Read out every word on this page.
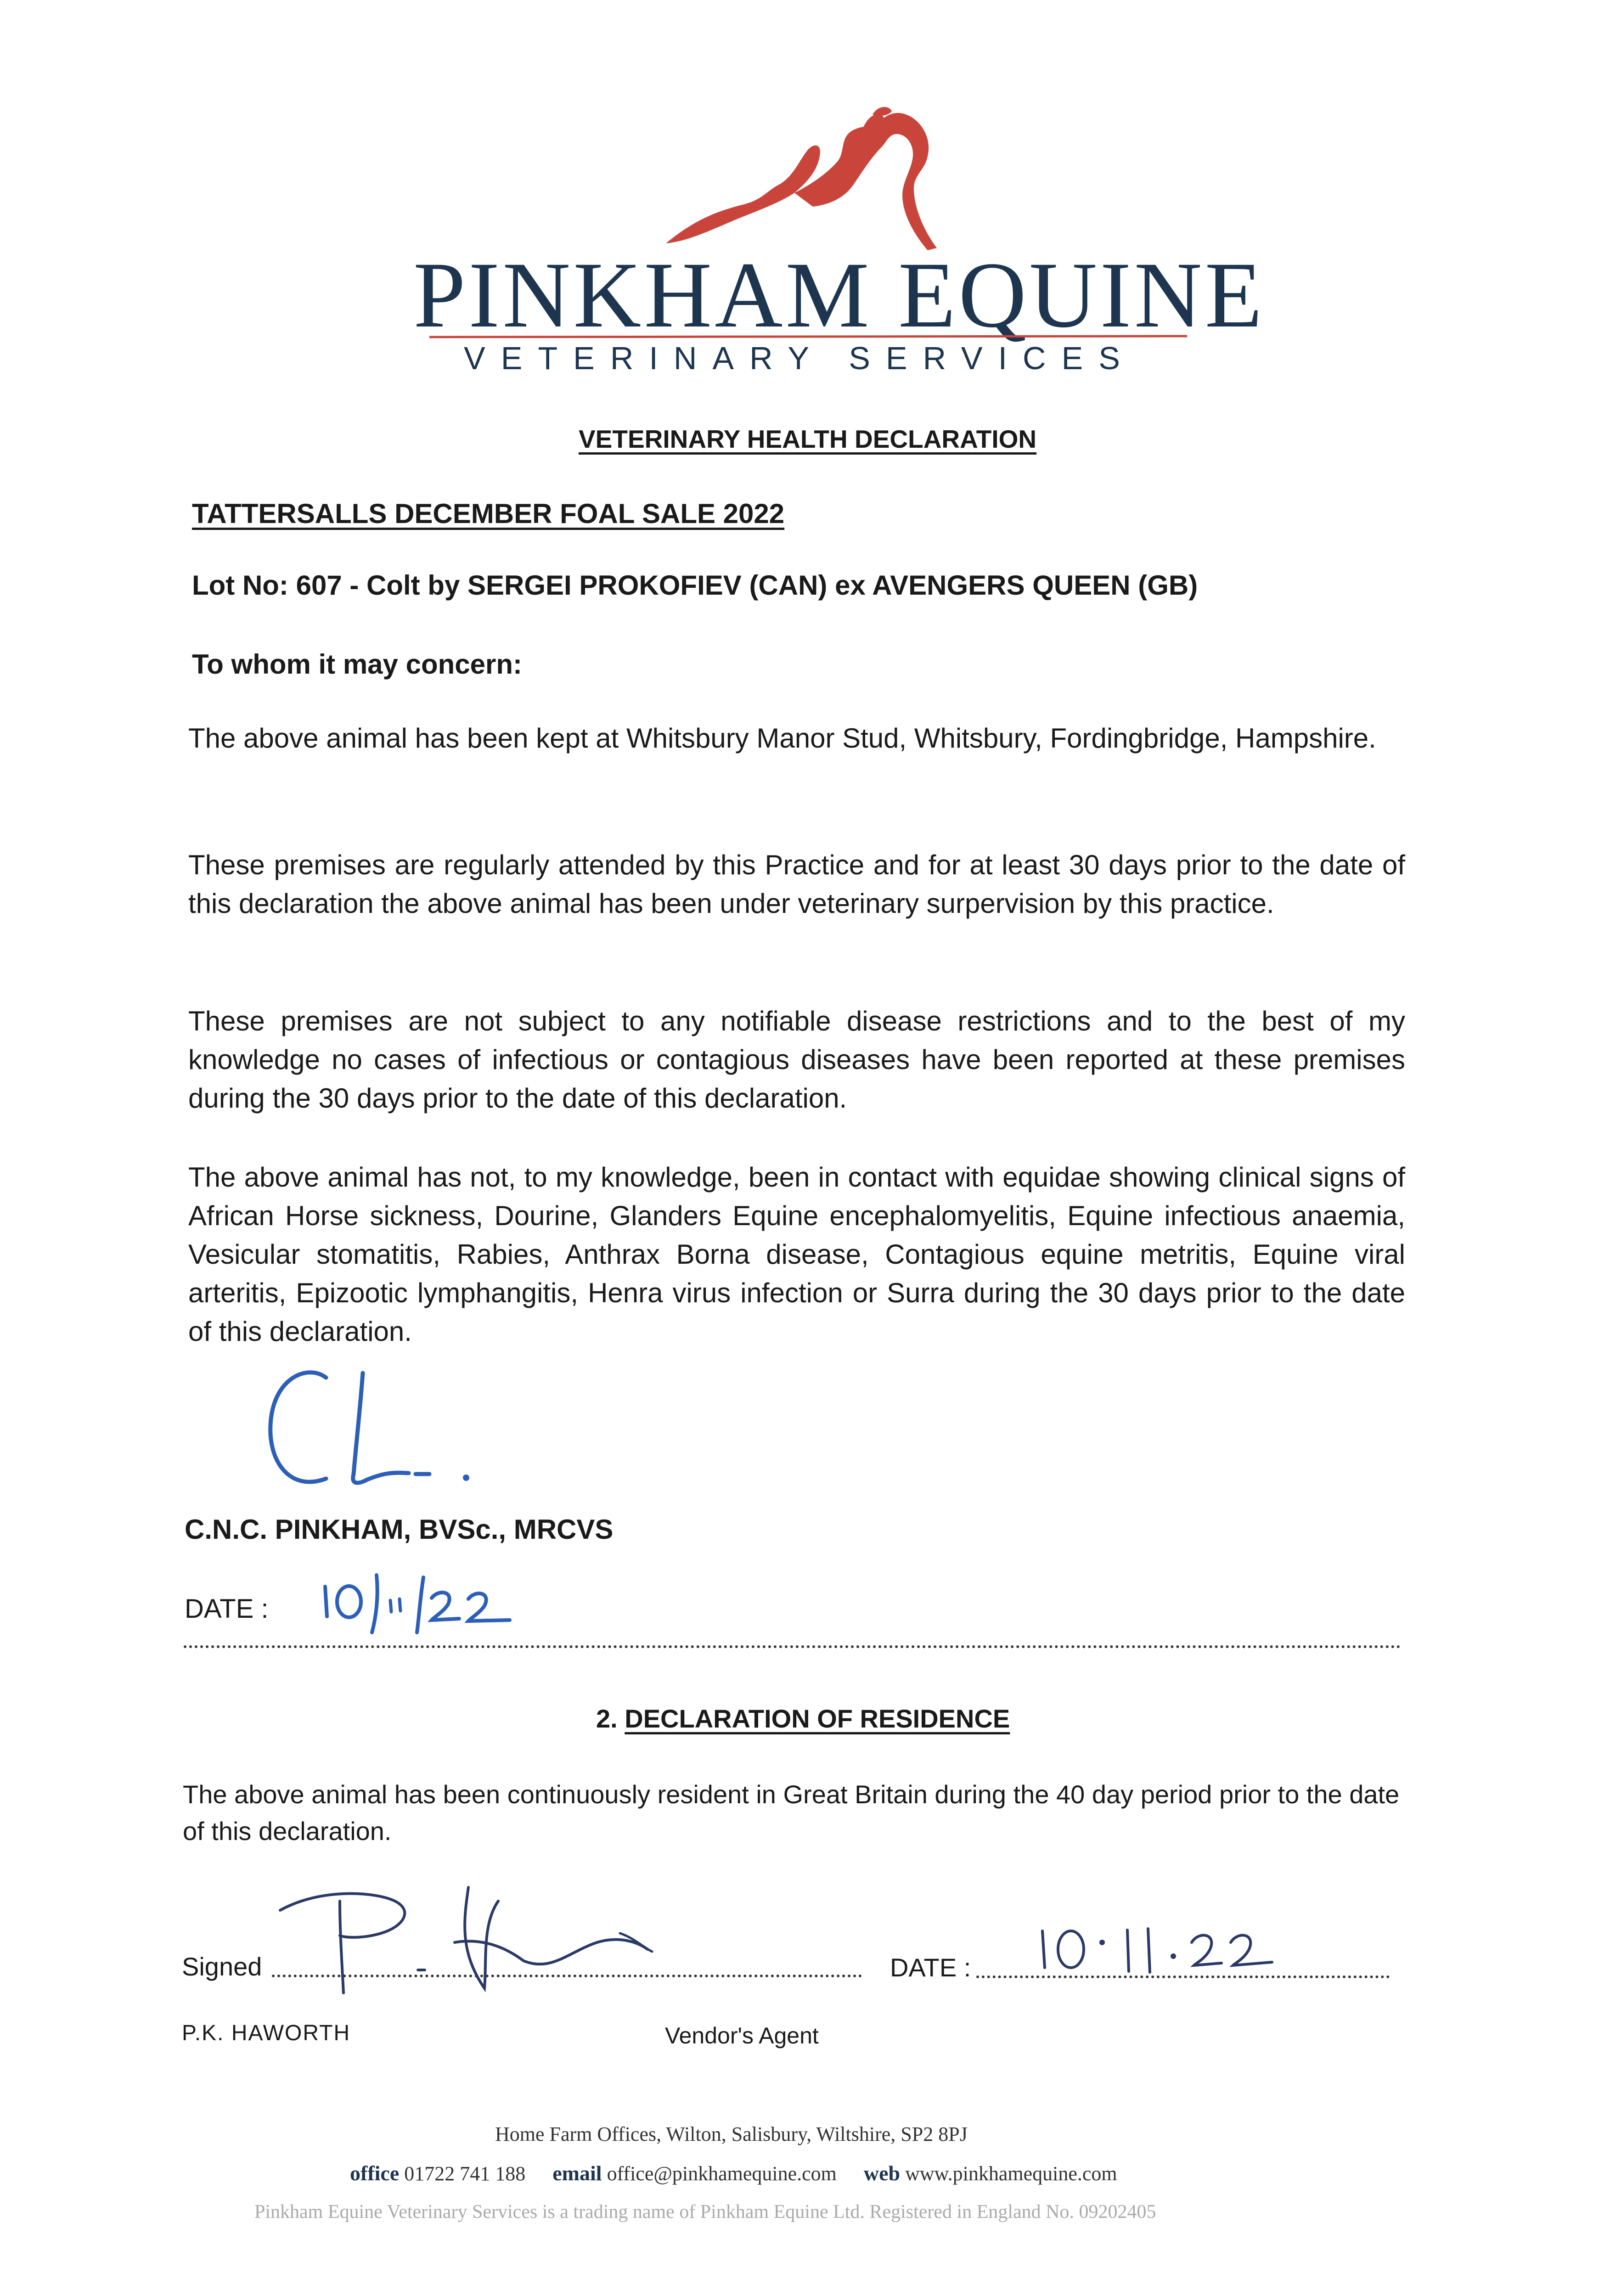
PINKHAM EQUINE
VETERINARY SERVICES
VETERINARY HEALTH DECLARATION
TATTERSALLS DECEMBER FOAL SALE 2022
Lot No: 607 - Colt by SERGEI PROKOFIEV (CAN) ex AVENGERS QUEEN (GB)
To whom it may concern:

The above animal has been kept at Whitsbury Manor Stud, Whitsbury, Fordingbridge, Hampshire.

These premises are regularly attended by this Practice and for at least 30 days prior to the date of this declaration the above animal has been under veterinary surpervision by this practice.

These premises are not subject to any notifiable disease restrictions and to the best of my knowledge no cases of infectious or contagious diseases have been reported at these premises during the 30 days prior to the date of this declaration.

The above animal has not, to my knowledge, been in contact with equidae showing clinical signs of African Horse sickness, Dourine, Glanders Equine encephalomyelitis, Equine infectious anaemia, Vesicular stomatitis, Rabies, Anthrax Borna disease, Contagious equine metritis, Equine viral arteritis, Epizootic lymphangitis, Henra virus infection or Surra during the 30 days prior to the date of this declaration.

C.N.C. PINKHAM, BVSc., MRCVS
DATE :
2. DECLARATION OF RESIDENCE

The above animal has been continuously resident in Great Britain during the 40 day period prior to the date of this declaration.

Signed	DATE :
P.K. HAWORTH	Vendor's Agent
Home Farm Offices, Wilton, Salisbury, Wiltshire, SP2 8PJ
office 01722 741 188 email office@pinkhamequine.com web www.pinkhamequine.com
Pinkham Equine Veterinary Services is a trading name of Pinkham Equine Ltd. Registered in England No. 09202405
